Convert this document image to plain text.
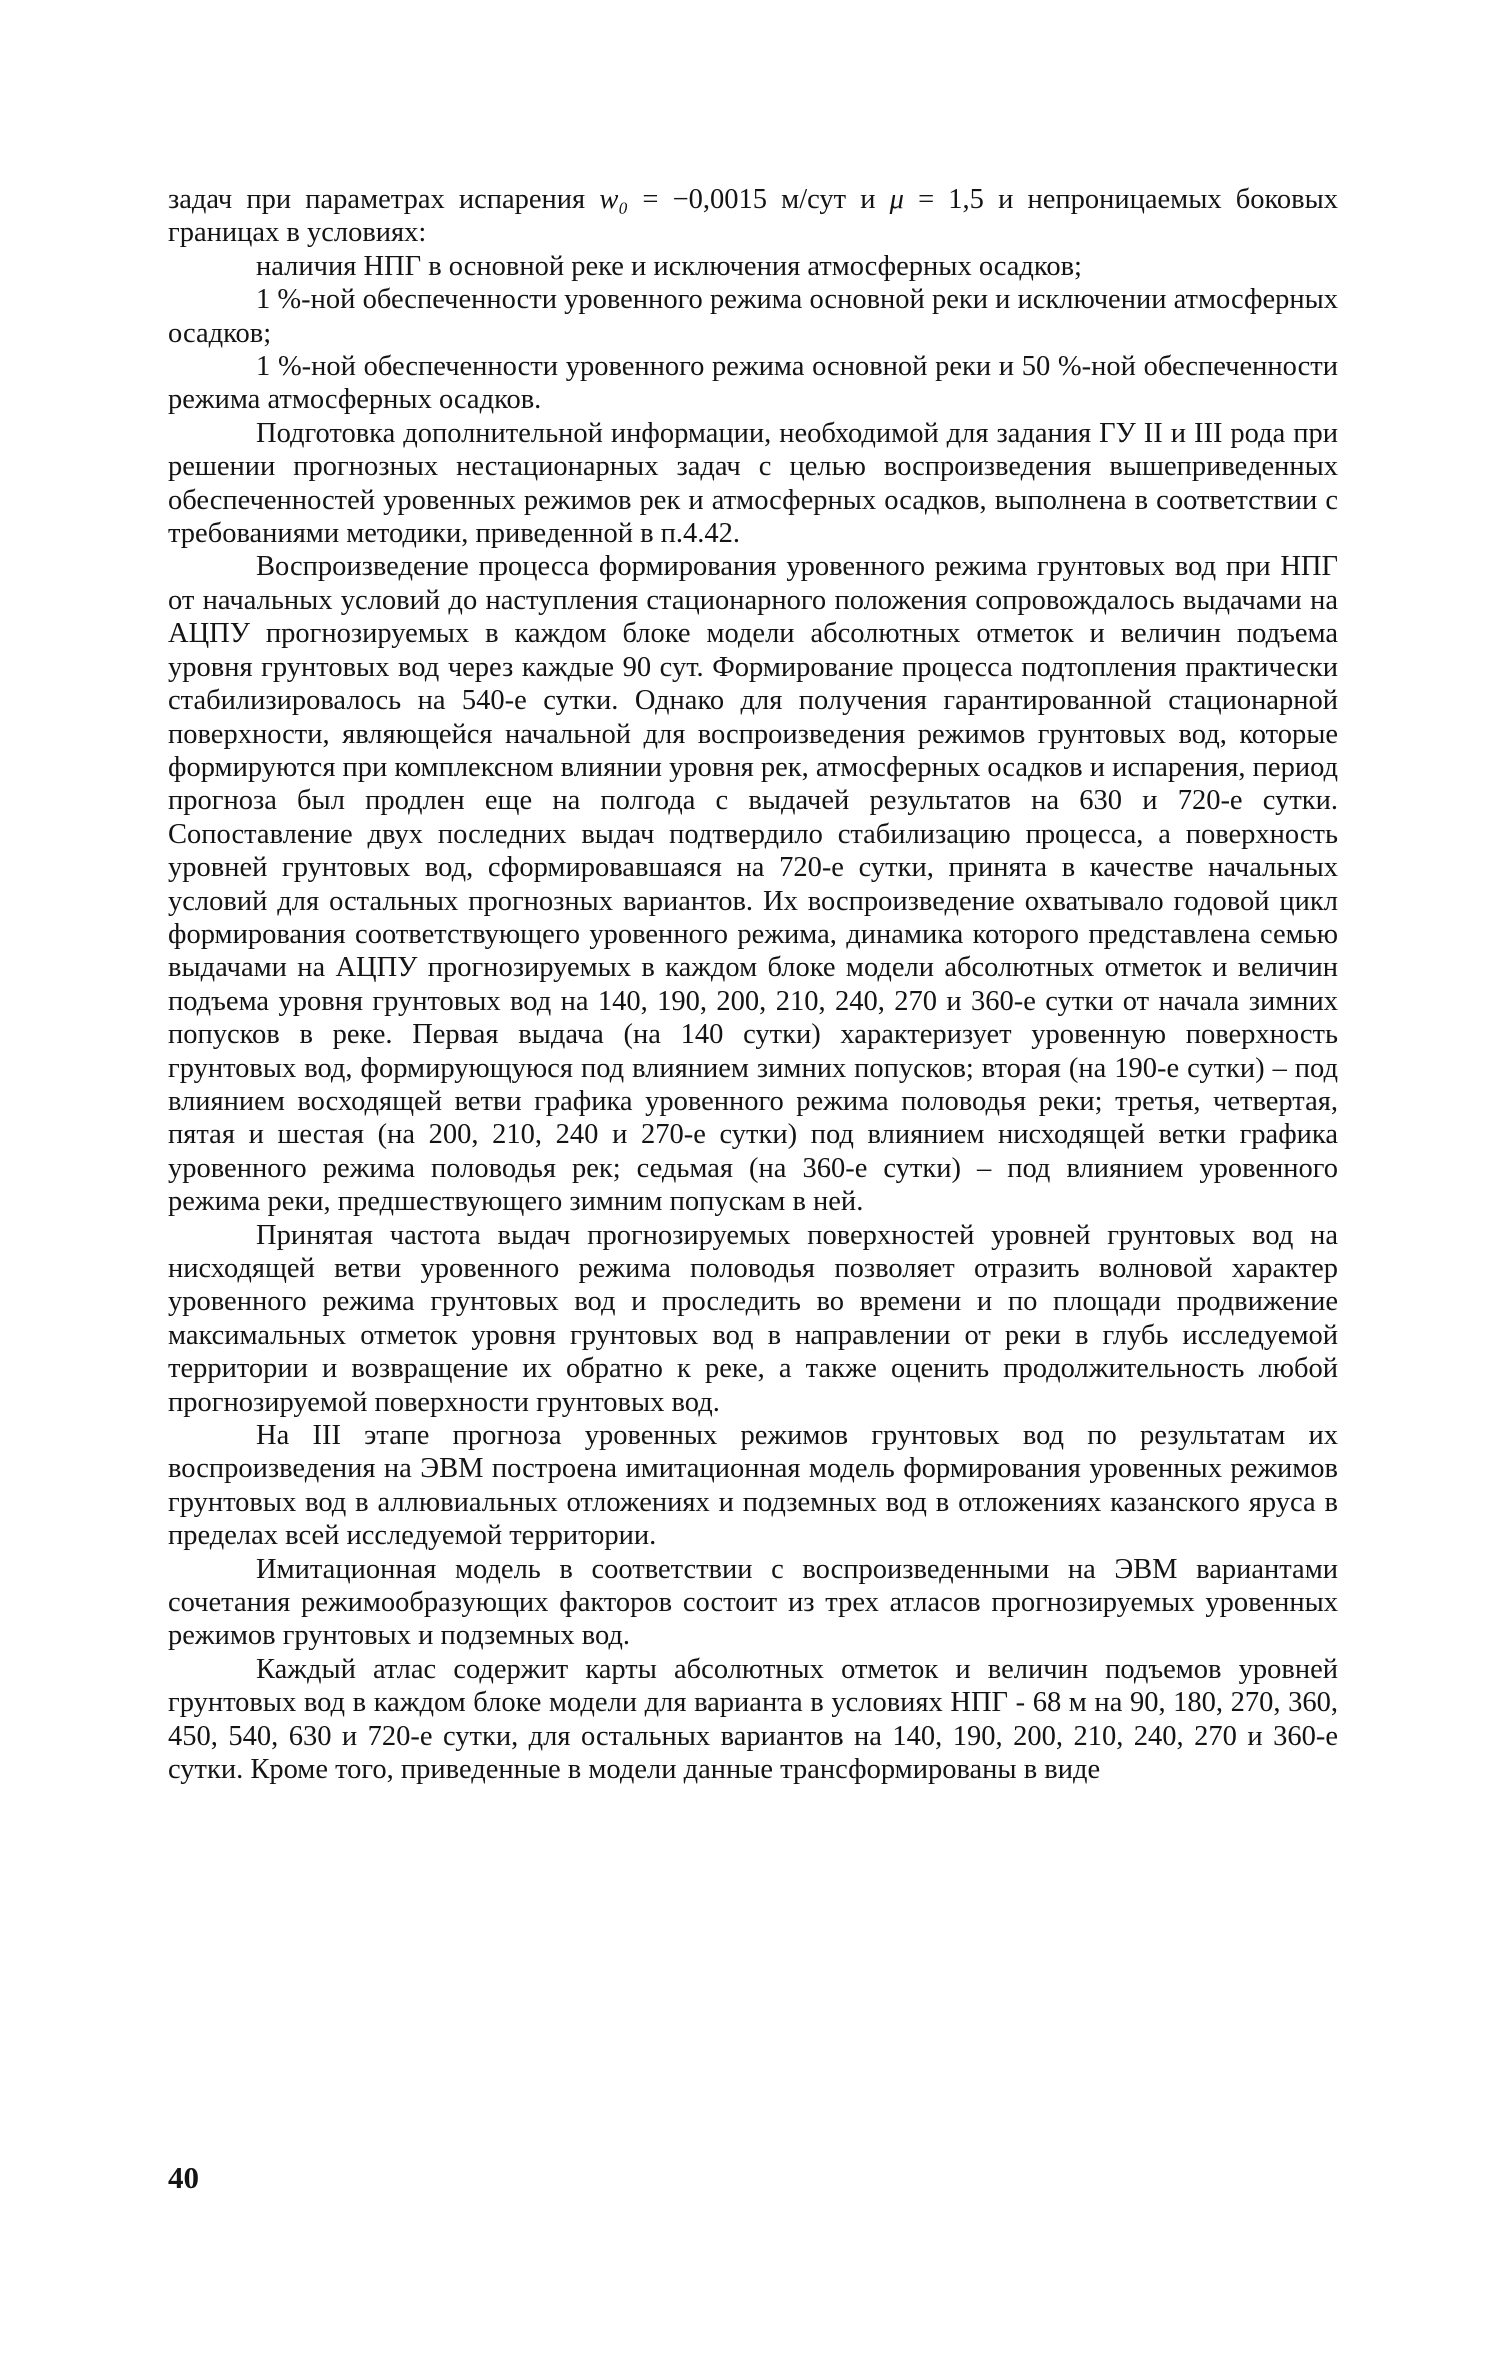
задач при параметрах испарения w₀ = −0,0015 м/сут и μ = 1,5 и непроницаемых боковых границах в условиях:

наличия НПГ в основной реке и исключения атмосферных осадков;

1 %-ной обеспеченности уровенного режима основной реки и исключении атмосферных осадков;

1 %-ной обеспеченности уровенного режима основной реки и 50 %-ной обеспеченности режима атмосферных осадков.

Подготовка дополнительной информации, необходимой для задания ГУ II и III рода при решении прогнозных нестационарных задач с целью воспроизведения вышеприведенных обеспеченностей уровенных режимов рек и атмосферных осадков, выполнена в соответствии с требованиями методики, приведенной в п.4.42.

Воспроизведение процесса формирования уровенного режима грунтовых вод при НПГ от начальных условий до наступления стационарного положения сопровождалось выдачами на АЦПУ прогнозируемых в каждом блоке модели абсолютных отметок и величин подъема уровня грунтовых вод через каждые 90 сут. Формирование процесса подтопления практически стабилизировалось на 540-е сутки. Однако для получения гарантированной стационарной поверхности, являющейся начальной для воспроизведения режимов грунтовых вод, которые формируются при комплексном влиянии уровня рек, атмосферных осадков и испарения, период прогноза был продлен еще на полгода с выдачей результатов на 630 и 720-е сутки. Сопоставление двух последних выдач подтвердило стабилизацию процесса, а поверхность уровней грунтовых вод, сформировавшаяся на 720-е сутки, принята в качестве начальных условий для остальных прогнозных вариантов. Их воспроизведение охватывало годовой цикл формирования соответствующего уровенного режима, динамика которого представлена семью выдачами на АЦПУ прогнозируемых в каждом блоке модели абсолютных отметок и величин подъема уровня грунтовых вод на 140, 190, 200, 210, 240, 270 и 360-е сутки от начала зимних попусков в реке. Первая выдача (на 140 сутки) характеризует уровенную поверхность грунтовых вод, формирующуюся под влиянием зимних попусков; вторая (на 190-е сутки) – под влиянием восходящей ветви графика уровенного режима половодья реки; третья, четвертая, пятая и шестая (на 200, 210, 240 и 270-е сутки) под влиянием нисходящей ветки графика уровенного режима половодья рек; седьмая (на 360-е сутки) – под влиянием уровенного режима реки, предшествующего зимним попускам в ней.

Принятая частота выдач прогнозируемых поверхностей уровней грунтовых вод на нисходящей ветви уровенного режима половодья позволяет отразить волновой характер уровенного режима грунтовых вод и проследить во времени и по площади продвижение максимальных отметок уровня грунтовых вод в направлении от реки в глубь исследуемой территории и возвращение их обратно к реке, а также оценить продолжительность любой прогнозируемой поверхности грунтовых вод.

На III этапе прогноза уровенных режимов грунтовых вод по результатам их воспроизведения на ЭВМ построена имитационная модель формирования уровенных режимов грунтовых вод в аллювиальных отложениях и подземных вод в отложениях казанского яруса в пределах всей исследуемой территории.

Имитационная модель в соответствии с воспроизведенными на ЭВМ вариантами сочетания режимообразующих факторов состоит из трех атласов прогнозируемых уровенных режимов грунтовых и подземных вод.

Каждый атлас содержит карты абсолютных отметок и величин подъемов уровней грунтовых вод в каждом блоке модели для варианта в условиях НПГ - 68 м на 90, 180, 270, 360, 450, 540, 630 и 720-е сутки, для остальных вариантов на 140, 190, 200, 210, 240, 270 и 360-е сутки. Кроме того, приведенные в модели данные трансформированы в виде

40
